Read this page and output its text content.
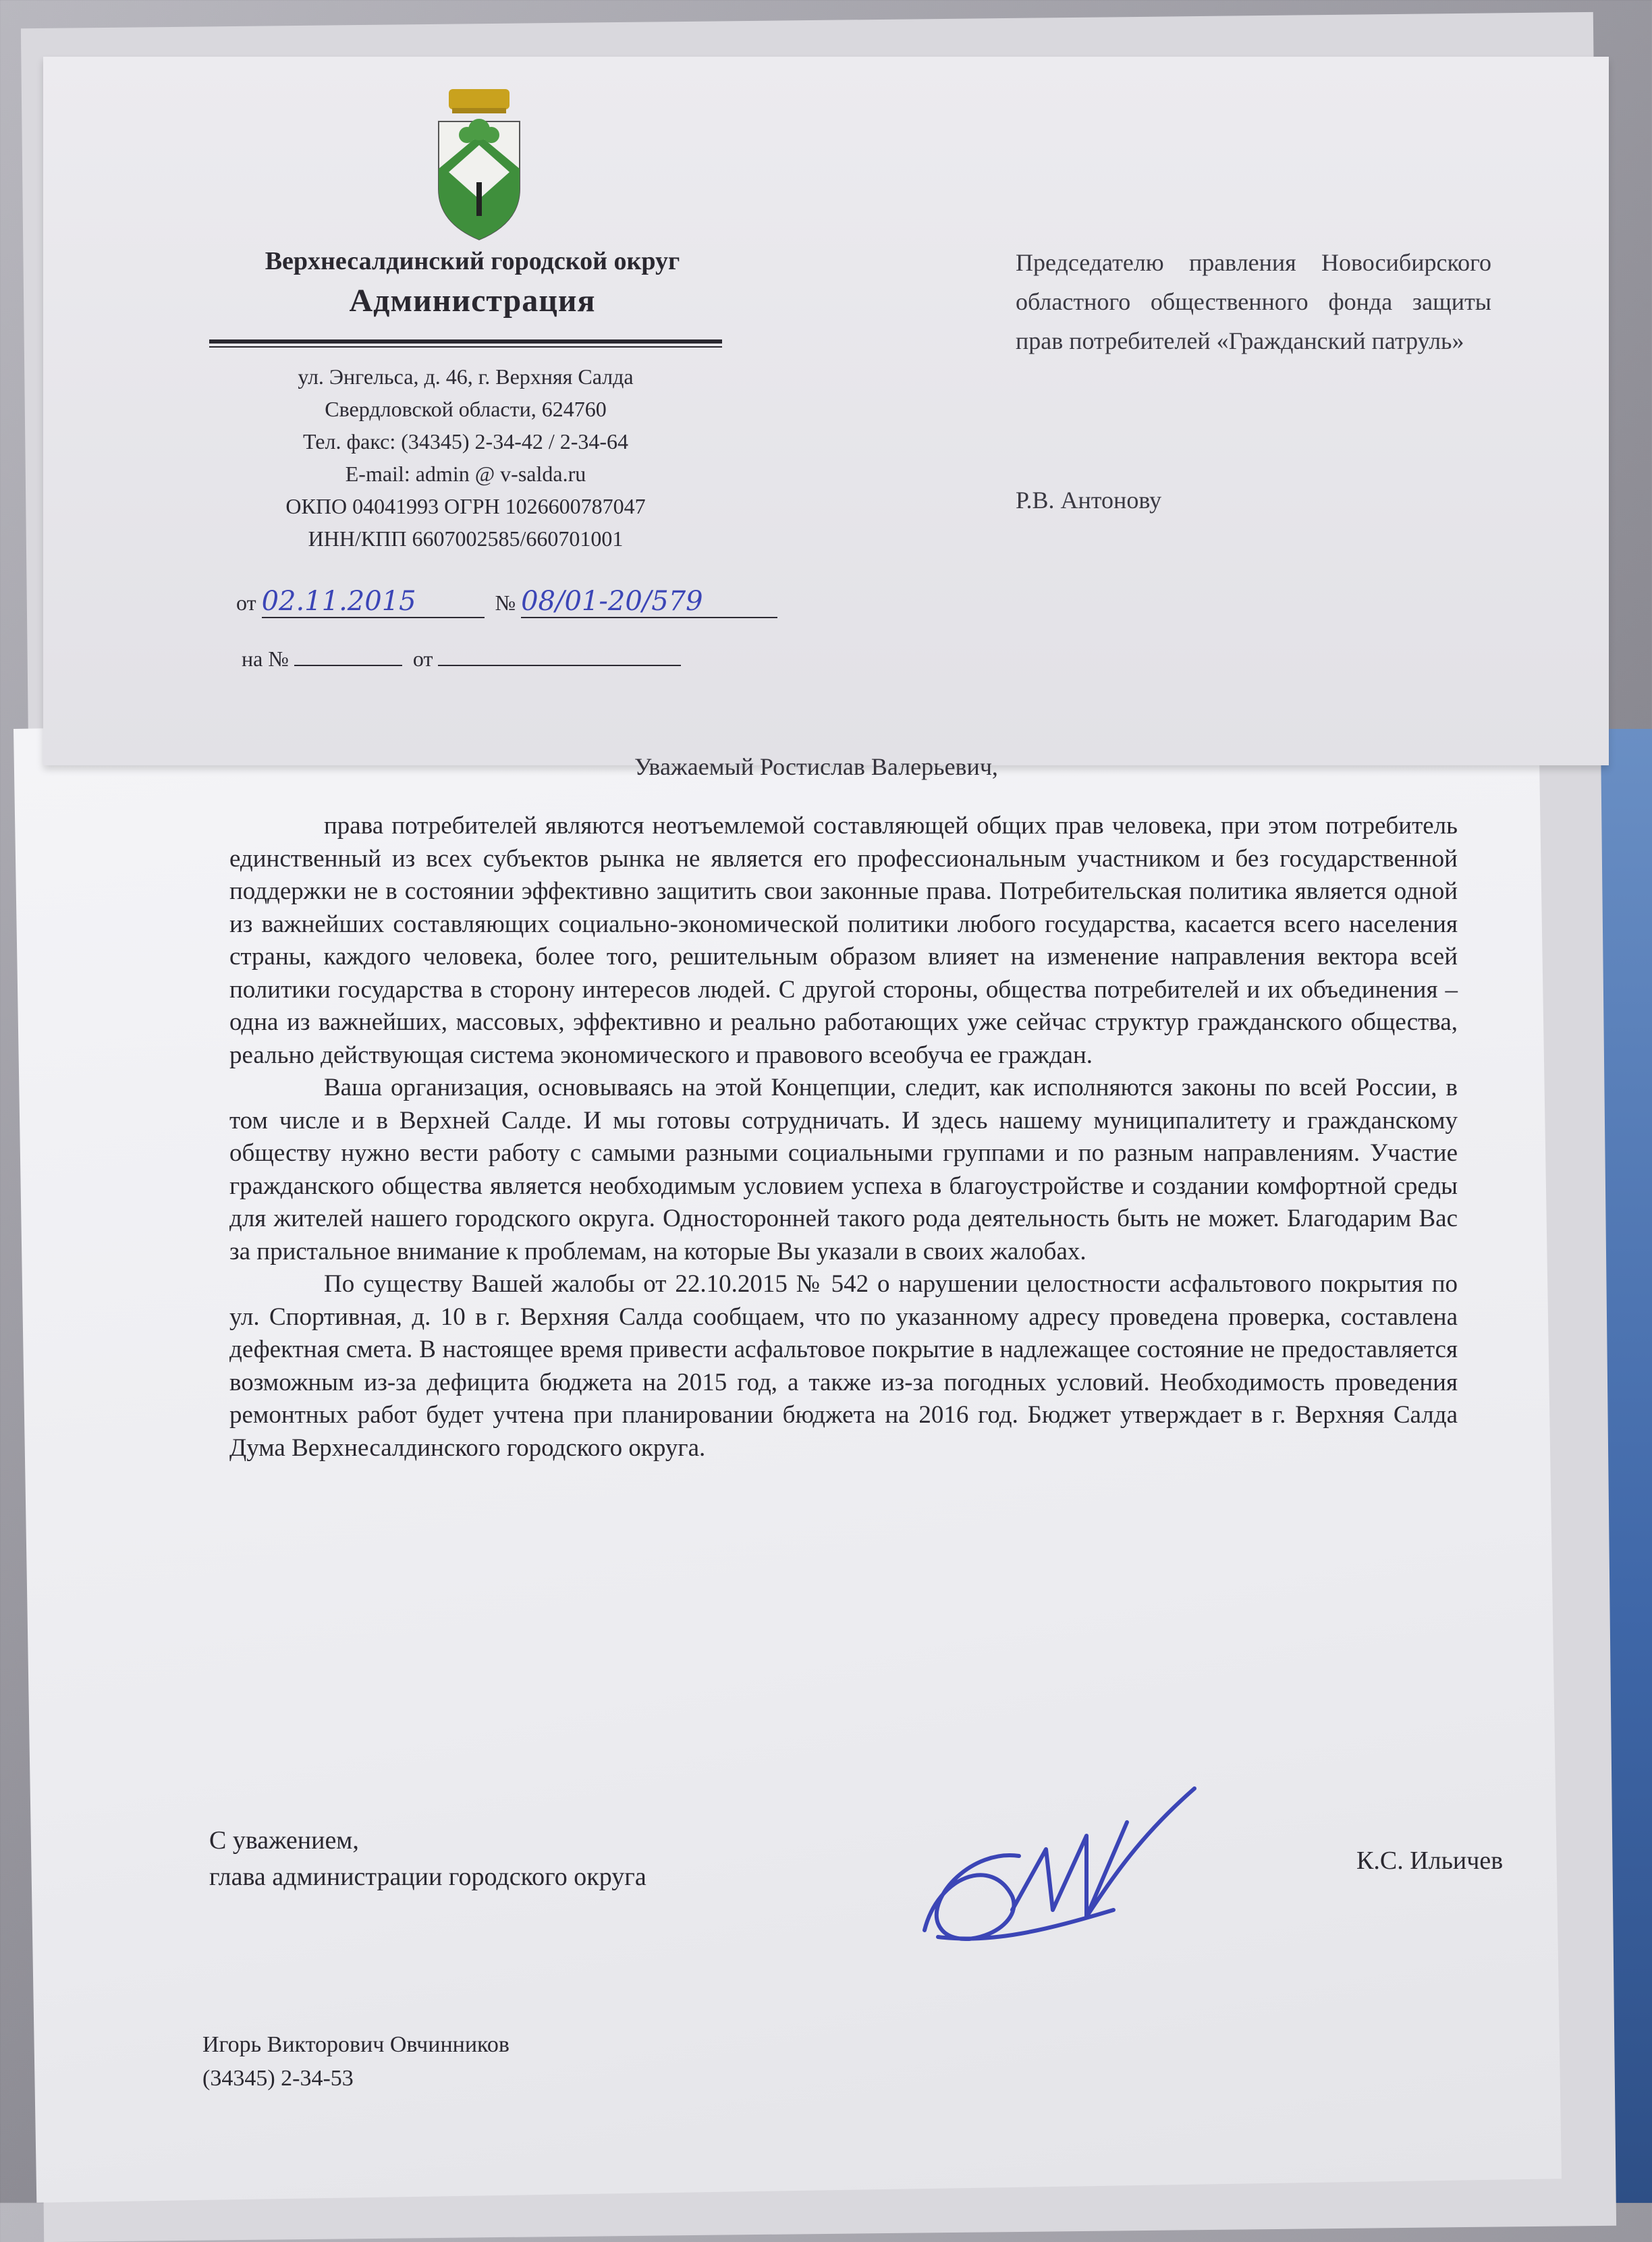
Верхнесалдинский городской округ
Администрация
ул. Энгельса, д. 46, г. Верхняя Салда
Свердловской области, 624760
Тел. факс: (34345) 2-34-42 / 2-34-64
E-mail: admin @ v-salda.ru
ОКПО 04041993 ОГРН 1026600787047
ИНН/КПП 6607002585/660701001
от 02.11.2015	№ 08/01-20/579
на №	от
Председателю правления Новосибирского областного общественного фонда защиты прав потребителей «Гражданский патруль»
Р.В. Антонову
Уважаемый Ростислав Валерьевич,

права потребителей являются неотъемлемой составляющей общих прав человека, при этом потребитель единственный из всех субъектов рынка не является его профессиональным участником и без государственной поддержки не в состоянии эффективно защитить свои законные права. Потребительская политика является одной из важнейших составляющих социально-экономической политики любого государства, касается всего населения страны, каждого человека, более того, решительным образом влияет на изменение направления вектора всей политики государства в сторону интересов людей. С другой стороны, общества потребителей и их объединения – одна из важнейших, массовых, эффективно и реально работающих уже сейчас структур гражданского общества, реально действующая система экономического и правового всеобуча ее граждан.

Ваша организация, основываясь на этой Концепции, следит, как исполняются законы по всей России, в том числе и в Верхней Салде. И мы готовы сотрудничать. И здесь нашему муниципалитету и гражданскому обществу нужно вести работу с самыми разными социальными группами и по разным направлениям. Участие гражданского общества является необходимым условием успеха в благоустройстве и создании комфортной среды для жителей нашего городского округа. Односторонней такого рода деятельность быть не может. Благодарим Вас за пристальное внимание к проблемам, на которые Вы указали в своих жалобах.

По существу Вашей жалобы от 22.10.2015 № 542 о нарушении целостности асфальтового покрытия по ул. Спортивная, д. 10 в г. Верхняя Салда сообщаем, что по указанному адресу проведена проверка, составлена дефектная смета. В настоящее время привести асфальтовое покрытие в надлежащее состояние не предоставляется возможным из-за дефицита бюджета на 2015 год, а также из-за погодных условий. Необходимость проведения ремонтных работ будет учтена при планировании бюджета на 2016 год. Бюджет утверждает в г. Верхняя Салда Дума Верхнесалдинского городского округа.

С уважением,
глава администрации городского округа
К.С. Ильичев
Игорь Викторович Овчинников
(34345) 2-34-53
